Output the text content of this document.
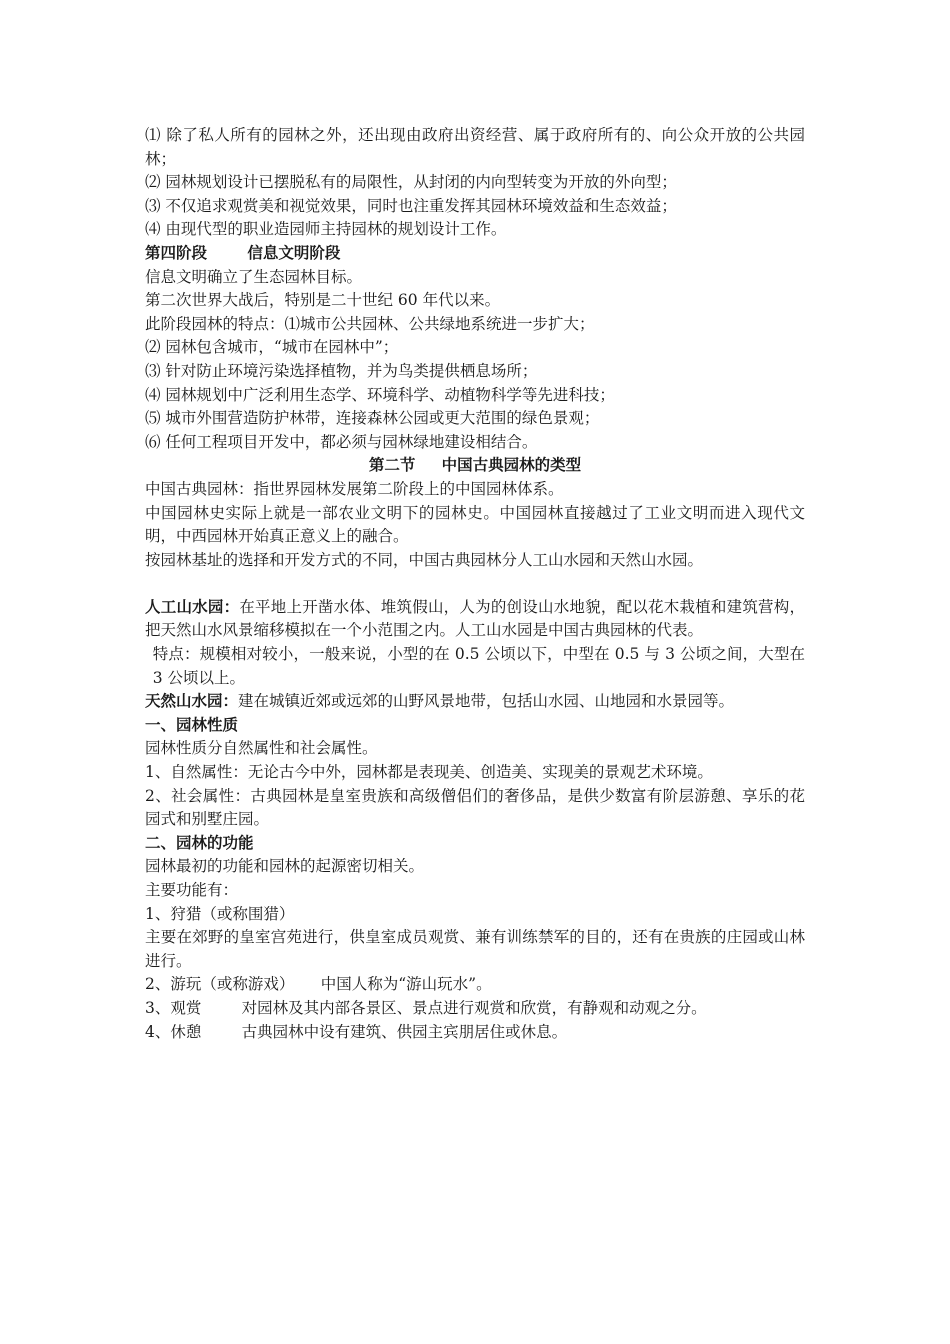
⑴ 除了私人所有的园林之外，还出现由政府出资经营、属于政府所有的、向公众开放的公共园林；

⑵ 园林规划设计已摆脱私有的局限性，从封闭的内向型转变为开放的外向型；

⑶ 不仅追求观赏美和视觉效果，同时也注重发挥其园林环境效益和生态效益；

⑷ 由现代型的职业造园师主持园林的规划设计工作。

第四阶段	信息文明阶段

信息文明确立了生态园林目标。

第二次世界大战后，特别是二十世纪 60 年代以来。

此阶段园林的特点：⑴城市公共园林、公共绿地系统进一步扩大；

⑵ 园林包含城市，“城市在园林中”；

⑶ 针对防止环境污染选择植物，并为鸟类提供栖息场所；

⑷ 园林规划中广泛利用生态学、环境科学、动植物科学等先进科技；

⑸ 城市外围营造防护林带，连接森林公园或更大范围的绿色景观；

⑹ 任何工程项目开发中，都必须与园林绿地建设相结合。

第二节 中国古典园林的类型

中国古典园林：指世界园林发展第二阶段上的中国园林体系。

中国园林史实际上就是一部农业文明下的园林史。中国园林直接越过了工业文明而进入现代文明，中西园林开始真正意义上的融合。

按园林基址的选择和开发方式的不同，中国古典园林分人工山水园和天然山水园。

人工山水园：在平地上开凿水体、堆筑假山，人为的创设山水地貌，配以花木栽植和建筑营构，把天然山水风景缩移模拟在一个小范围之内。人工山水园是中国古典园林的代表。

特点：规模相对较小，一般来说，小型的在 0.5 公顷以下，中型在 0.5 与 3 公顷之间，大型在 3 公顷以上。

天然山水园：建在城镇近郊或远郊的山野风景地带，包括山水园、山地园和水景园等。

一、园林性质

园林性质分自然属性和社会属性。

1、自然属性：无论古今中外，园林都是表现美、创造美、实现美的景观艺术环境。

2、社会属性：古典园林是皇室贵族和高级僧侣们的奢侈品，是供少数富有阶层游憩、享乐的花园式和别墅庄园。

二、园林的功能

园林最初的功能和园林的起源密切相关。

主要功能有：

1、狩猎（或称围猎）

主要在郊野的皇室宫苑进行，供皇室成员观赏、兼有训练禁军的目的，还有在贵族的庄园或山林进行。

2、游玩（或称游戏） 中国人称为“游山玩水”。

3、观赏	对园林及其内部各景区、景点进行观赏和欣赏，有静观和动观之分。

4、休憩	古典园林中设有建筑、供园主宾朋居住或休息。
